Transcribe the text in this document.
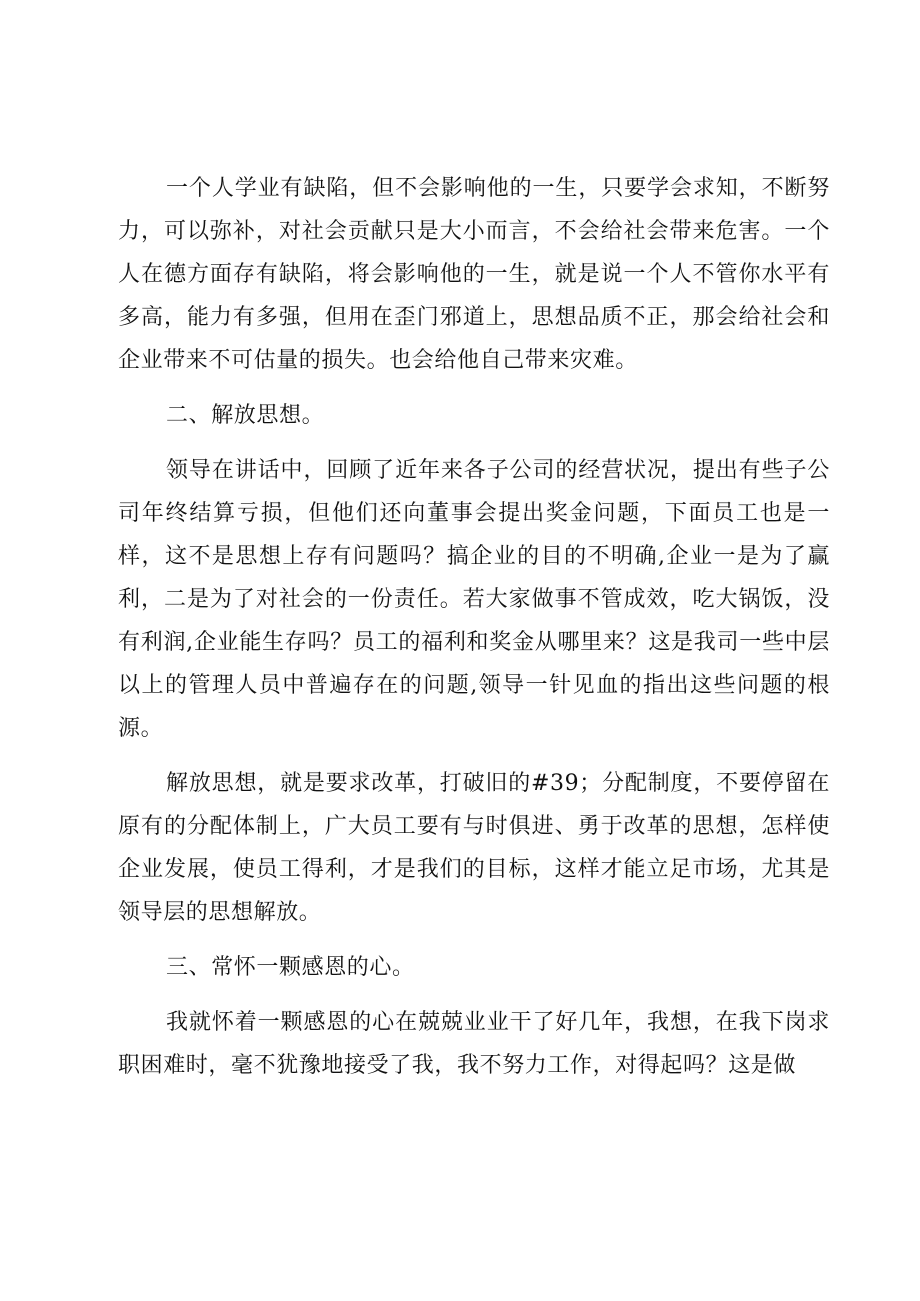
一个人学业有缺陷，但不会影响他的一生，只要学会求知，不断努力，可以弥补，对社会贡献只是大小而言，不会给社会带来危害。一个人在德方面存有缺陷，将会影响他的一生，就是说一个人不管你水平有多高，能力有多强，但用在歪门邪道上，思想品质不正，那会给社会和企业带来不可估量的损失。也会给他自己带来灾难。

二、解放思想。

领导在讲话中，回顾了近年来各子公司的经营状况，提出有些子公司年终结算亏损，但他们还向董事会提出奖金问题，下面员工也是一样，这不是思想上存有问题吗？搞企业的目的不明确,企业一是为了赢利，二是为了对社会的一份责任。若大家做事不管成效，吃大锅饭，没有利润,企业能生存吗？员工的福利和奖金从哪里来？这是我司一些中层以上的管理人员中普遍存在的问题,领导一针见血的指出这些问题的根源。

解放思想，就是要求改革，打破旧的#39；分配制度，不要停留在原有的分配体制上，广大员工要有与时俱进、勇于改革的思想，怎样使企业发展，使员工得利，才是我们的目标，这样才能立足市场，尤其是领导层的思想解放。

三、常怀一颗感恩的心。

我就怀着一颗感恩的心在兢兢业业干了好几年，我想，在我下岗求职困难时，毫不犹豫地接受了我，我不努力工作，对得起吗？这是做
